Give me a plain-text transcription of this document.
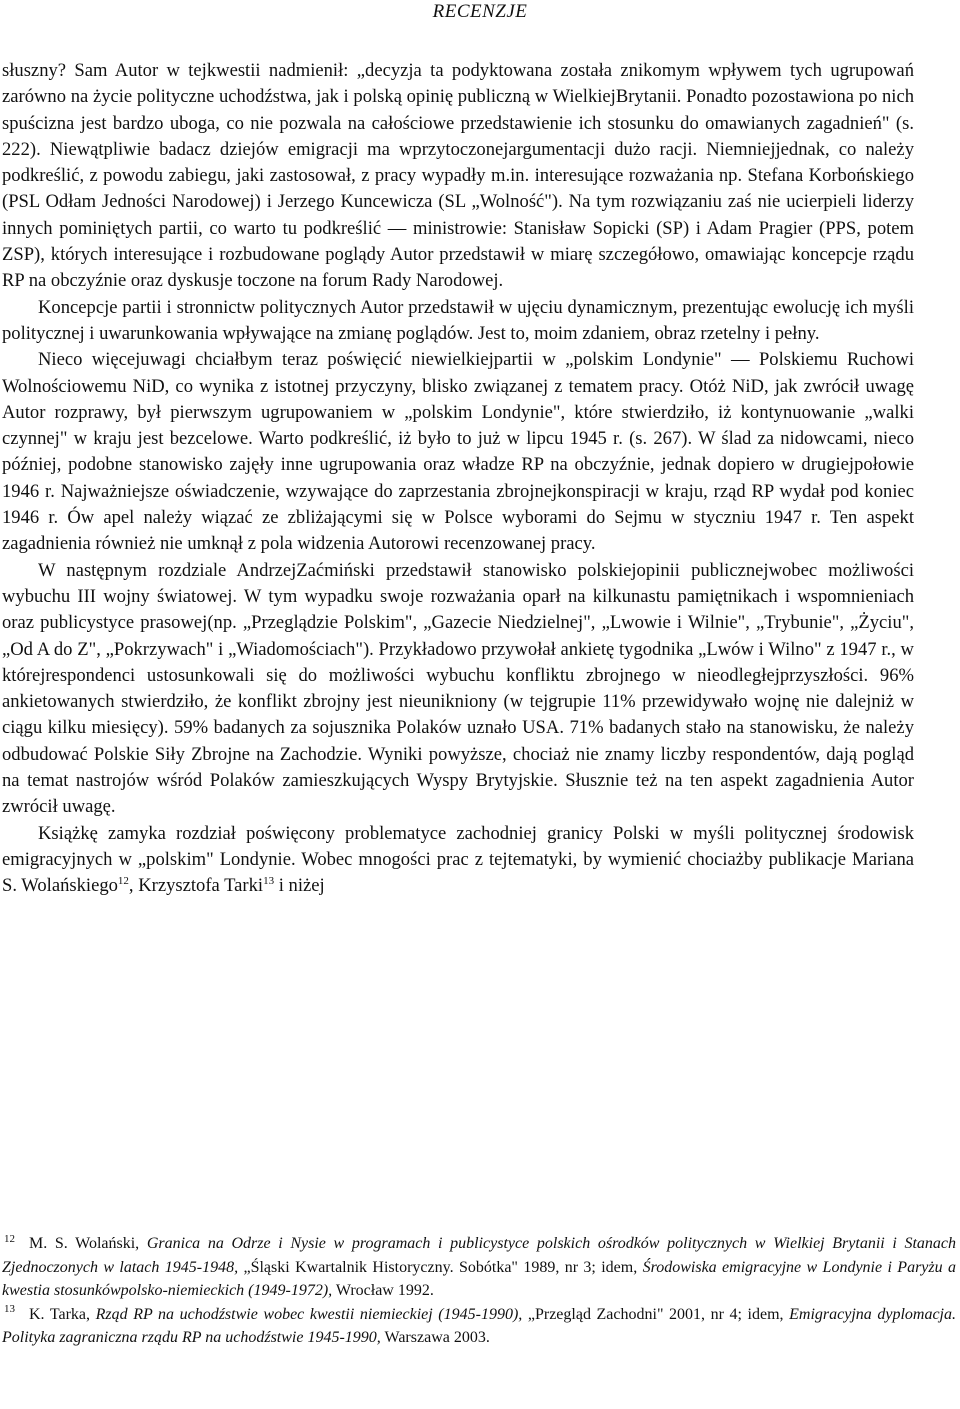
RECENZJE

słuszny? Sam Autor w tejkwestii nadmienił: „decyzja ta podyktowana została znikomym wpływem tych ugrupowań zarówno na życie polityczne uchodźstwa, jak i polską opinię publiczną w WielkiejBrytanii. Ponadto pozostawiona po nich spuścizna jest bardzo uboga, co nie pozwala na całościowe przedstawienie ich stosunku do omawianych zagadnień" (s. 222). Niewątpliwie badacz dziejów emigracji ma wprzytoczonejargumentacji dużo racji. Niemniejjednak, co należy podkreślić, z powodu zabiegu, jaki zastosował, z pracy wypadły m.in. interesujące rozważania np. Stefana Korbońskiego (PSL Odłam Jedności Narodowej) i Jerzego Kuncewicza (SL „Wolność"). Na tym rozwiązaniu zaś nie ucierpieli liderzy innych pominiętych partii, co warto tu podkreślić — ministrowie: Stanisław Sopicki (SP) i Adam Pragier (PPS, potem ZSP), których interesujące i rozbudowane poglądy Autor przedstawił w miarę szczegółowo, omawiając koncepcje rządu RP na obczyźnie oraz dyskusje toczone na forum Rady Narodowej.

Koncepcje partii i stronnictw politycznych Autor przedstawił w ujęciu dynamicznym, prezentując ewolucję ich myśli politycznej i uwarunkowania wpływające na zmianę poglądów. Jest to, moim zdaniem, obraz rzetelny i pełny.

Nieco więcejuwagi chciałbym teraz poświęcić niewielkiejpartii w „polskim Londynie" — Polskiemu Ruchowi Wolnościowemu NiD, co wynika z istotnej przyczyny, blisko związanej z tematem pracy. Otóż NiD, jak zwrócił uwagę Autor rozprawy, był pierwszym ugrupowaniem w „polskim Londynie", które stwierdziło, iż kontynuowanie „walki czynnej" w kraju jest bezcelowe. Warto podkreślić, iż było to już w lipcu 1945 r. (s. 267). W ślad za nidowcami, nieco później, podobne stanowisko zajęły inne ugrupowania oraz władze RP na obczyźnie, jednak dopiero w drugiejpołowie 1946 r. Najważniejsze oświadczenie, wzywające do zaprzestania zbrojnejkonspiracji w kraju, rząd RP wydał pod koniec 1946 r. Ów apel należy wiązać ze zbliżającymi się w Polsce wyborami do Sejmu w styczniu 1947 r. Ten aspekt zagadnienia również nie umknął z pola widzenia Autorowi recenzowanej pracy.

W następnym rozdziale AndrzejZaćmiński przedstawił stanowisko polskiejopinii publicznejwobec możliwości wybuchu III wojny światowej. W tym wypadku swoje rozważania oparł na kilkunastu pamiętnikach i wspomnieniach oraz publicystyce prasowej(np. „Przeglądzie Polskim", „Gazecie Niedzielnej", „Lwowie i Wilnie", „Trybunie", „Życiu", „Od A do Z", „Pokrzywach" i „Wiadomościach"). Przykładowo przywołał ankietę tygodnika „Lwów i Wilno" z 1947 r., w którejrespondenci ustosunkowali się do możliwości wybuchu konfliktu zbrojnego w nieodległejprzyszłości. 96% ankietowanych stwierdziło, że konflikt zbrojny jest nieunikniony (w tejgrupie 11% przewidywało wojnę nie dalejniż w ciągu kilku miesięcy). 59% badanych za sojusznika Polaków uznało USA. 71% badanych stało na stanowisku, że należy odbudować Polskie Siły Zbrojne na Zachodzie. Wyniki powyższe, chociaż nie znamy liczby respondentów, dają pogląd na temat nastrojów wśród Polaków zamieszkujących Wyspy Brytyjskie. Słusznie też na ten aspekt zagadnienia Autor zwrócił uwagę.

Książkę zamyka rozdział poświęcony problematyce zachodniej granicy Polski w myśli politycznej środowisk emigracyjnych w „polskim" Londynie. Wobec mnogości prac z tejtematyki, by wymienić chociażby publikacje Mariana S. Wolańskiego$^{12}$, Krzysztofa Tarki$^{13}$ i niżej

$^{12}$ M. S. Wolański, Granica na Odrze i Nysie w programach i publicystyce polskich ośrodków politycznych w Wielkiej Brytanii i Stanach Zjednoczonych w latach 1945-1948, „Śląski Kwartalnik Historyczny. Sobótka" 1989, nr 3; idem, Środowiska emigracyjne w Londynie i Paryżu a kwestia stosunkówpolsko-niemieckich (1949-1972), Wrocław 1992.

$^{13}$ K. Tarka, Rząd RP na uchodźstwie wobec kwestii niemieckiej (1945-1990), „Przegląd Zachodni" 2001, nr 4; idem, Emigracyjna dyplomacja. Polityka zagraniczna rządu RP na uchodźstwie 1945-1990, Warszawa 2003.
